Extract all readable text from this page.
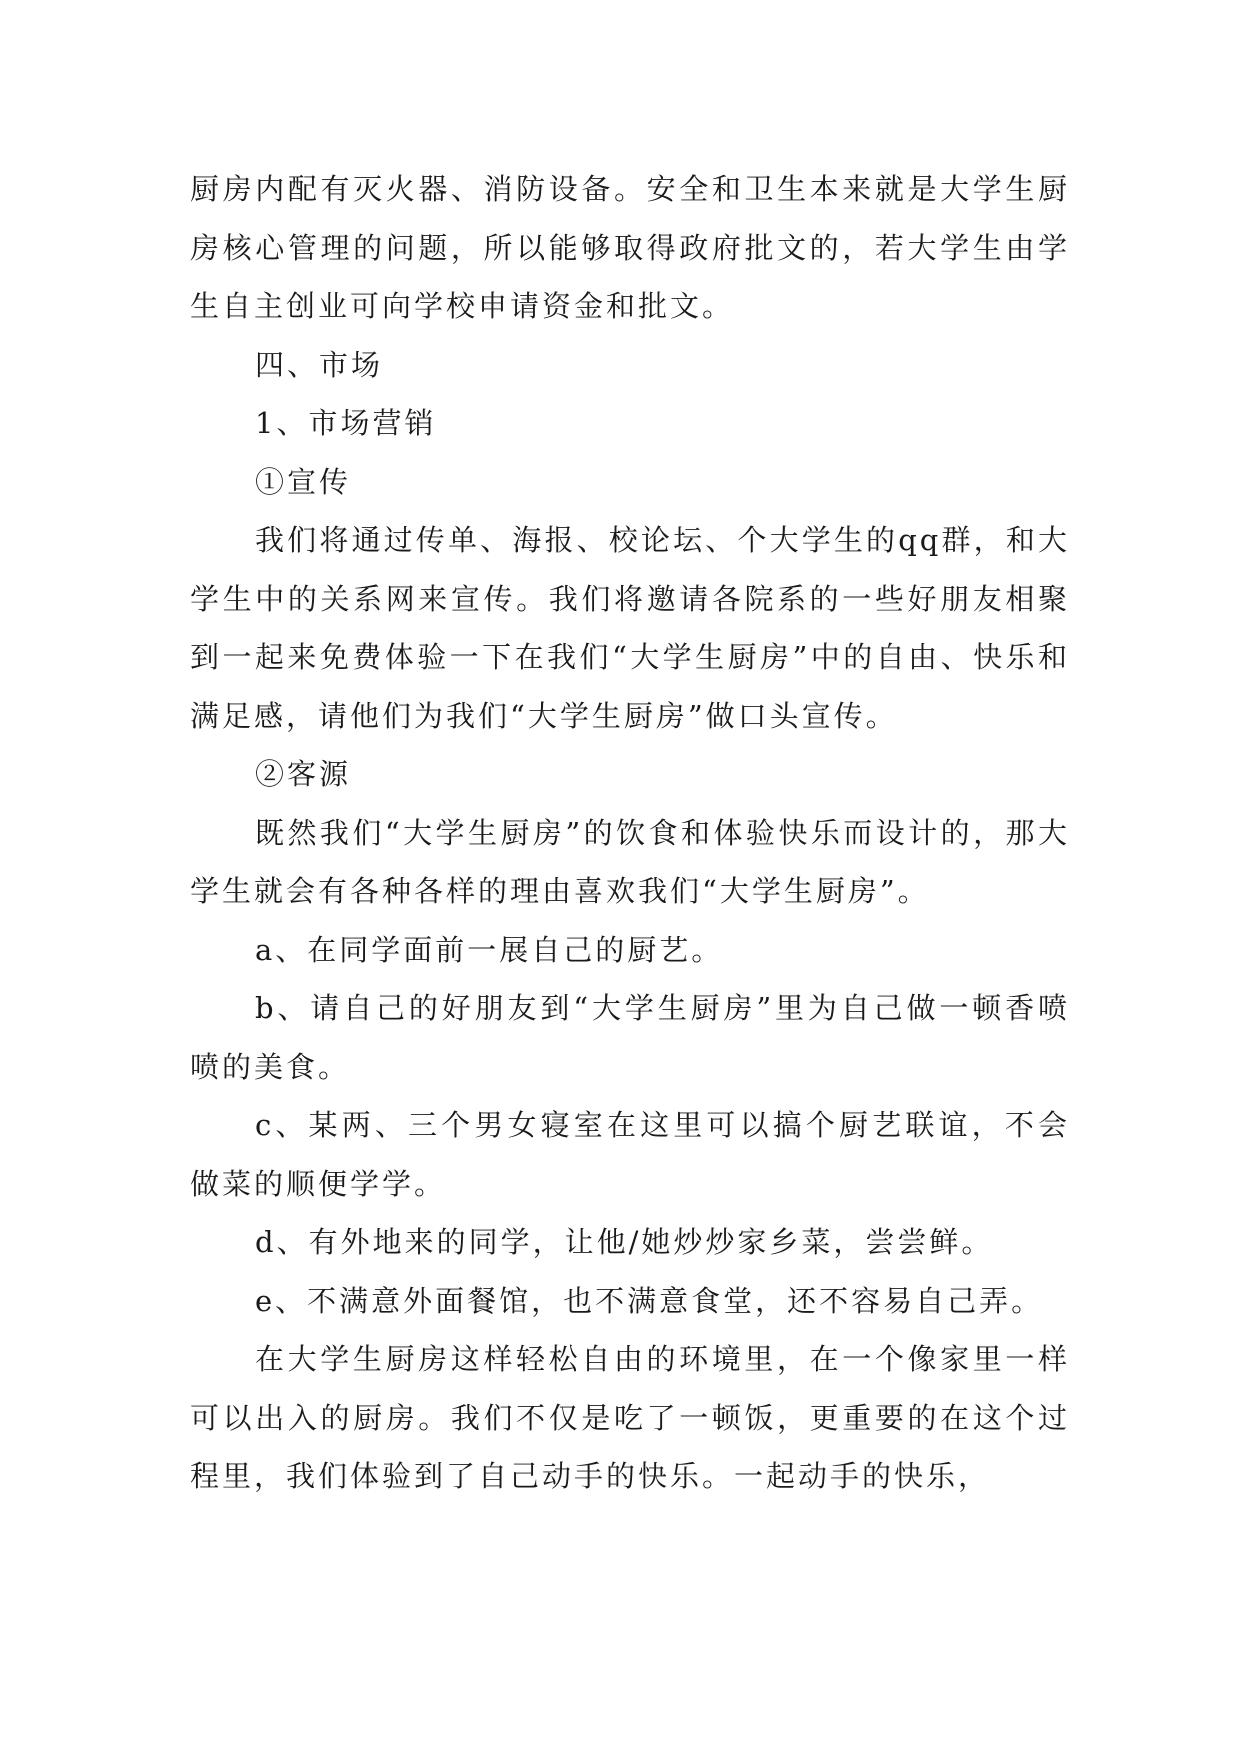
厨房内配有灭火器、消防设备。安全和卫生本来就是大学生厨房核心管理的问题，所以能够取得政府批文的，若大学生由学生自主创业可向学校申请资金和批文。

四、市场

1、市场营销

①宣传

我们将通过传单、海报、校论坛、个大学生的qq群，和大学生中的关系网来宣传。我们将邀请各院系的一些好朋友相聚到一起来免费体验一下在我们“大学生厨房”中的自由、快乐和满足感，请他们为我们“大学生厨房”做口头宣传。

②客源

既然我们“大学生厨房”的饮食和体验快乐而设计的，那大学生就会有各种各样的理由喜欢我们“大学生厨房”。

a、在同学面前一展自己的厨艺。

b、请自己的好朋友到“大学生厨房”里为自己做一顿香喷喷的美食。

c、某两、三个男女寝室在这里可以搞个厨艺联谊，不会做菜的顺便学学。

d、有外地来的同学，让他/她炒炒家乡菜，尝尝鲜。

e、不满意外面餐馆，也不满意食堂，还不容易自己弄。

在大学生厨房这样轻松自由的环境里，在一个像家里一样可以出入的厨房。我们不仅是吃了一顿饭，更重要的在这个过程里，我们体验到了自己动手的快乐。一起动手的快乐，
